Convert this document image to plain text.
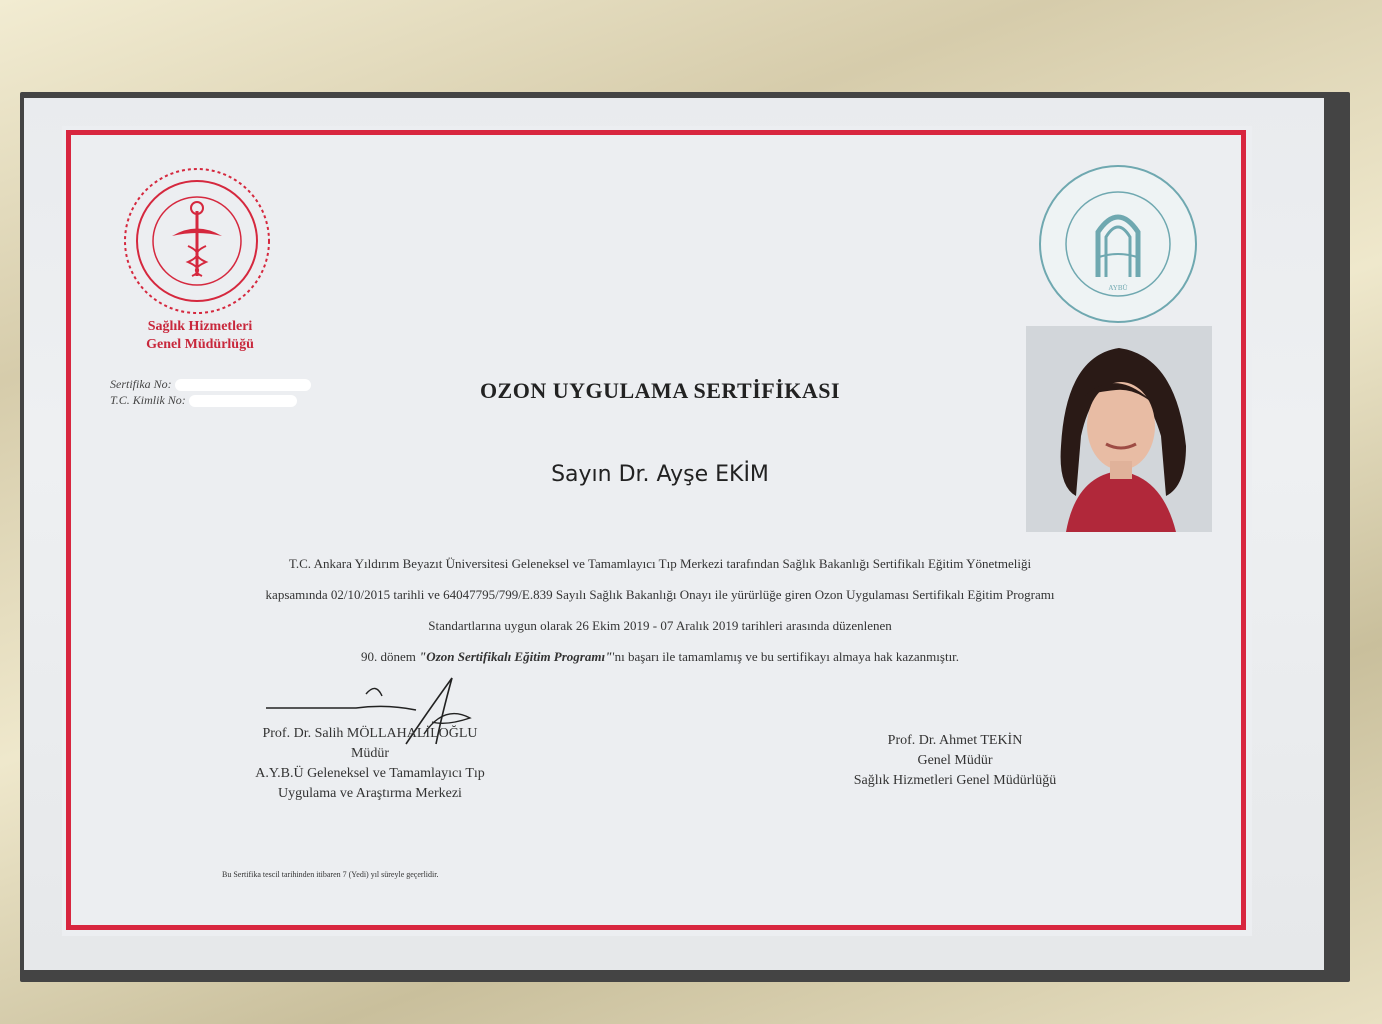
Sağlık Hizmetleri
Genel Müdürlüğü
AYBÜ
Sertifika No:
T.C. Kimlik No:	OZON UYGULAMA SERTİFİKASI
Sayın Dr. Ayşe EKİM
T.C. Ankara Yıldırım Beyazıt Üniversitesi Geleneksel ve Tamamlayıcı Tıp Merkezi tarafından Sağlık Bakanlığı Sertifikalı Eğitim Yönetmeliği
kapsamında 02/10/2015 tarihli ve 64047795/799/E.839 Sayılı Sağlık Bakanlığı Onayı ile yürürlüğe giren Ozon Uygulaması Sertifikalı Eğitim Programı
Standartlarına uygun olarak 26 Ekim 2019 - 07 Aralık 2019 tarihleri arasında düzenlenen
90. dönem "Ozon Sertifikalı Eğitim Programı"'nı başarı ile tamamlamış ve bu sertifikayı almaya hak kazanmıştır.
Prof. Dr. Salih MÖLLAHALİLOĞLU
Müdür
A.Y.B.Ü Geleneksel ve Tamamlayıcı Tıp
Uygulama ve Araştırma Merkezi
Prof. Dr. Ahmet TEKİN
Genel Müdür
Sağlık Hizmetleri Genel Müdürlüğü
Bu Sertifika tescil tarihinden itibaren 7 (Yedi) yıl süreyle geçerlidir.
